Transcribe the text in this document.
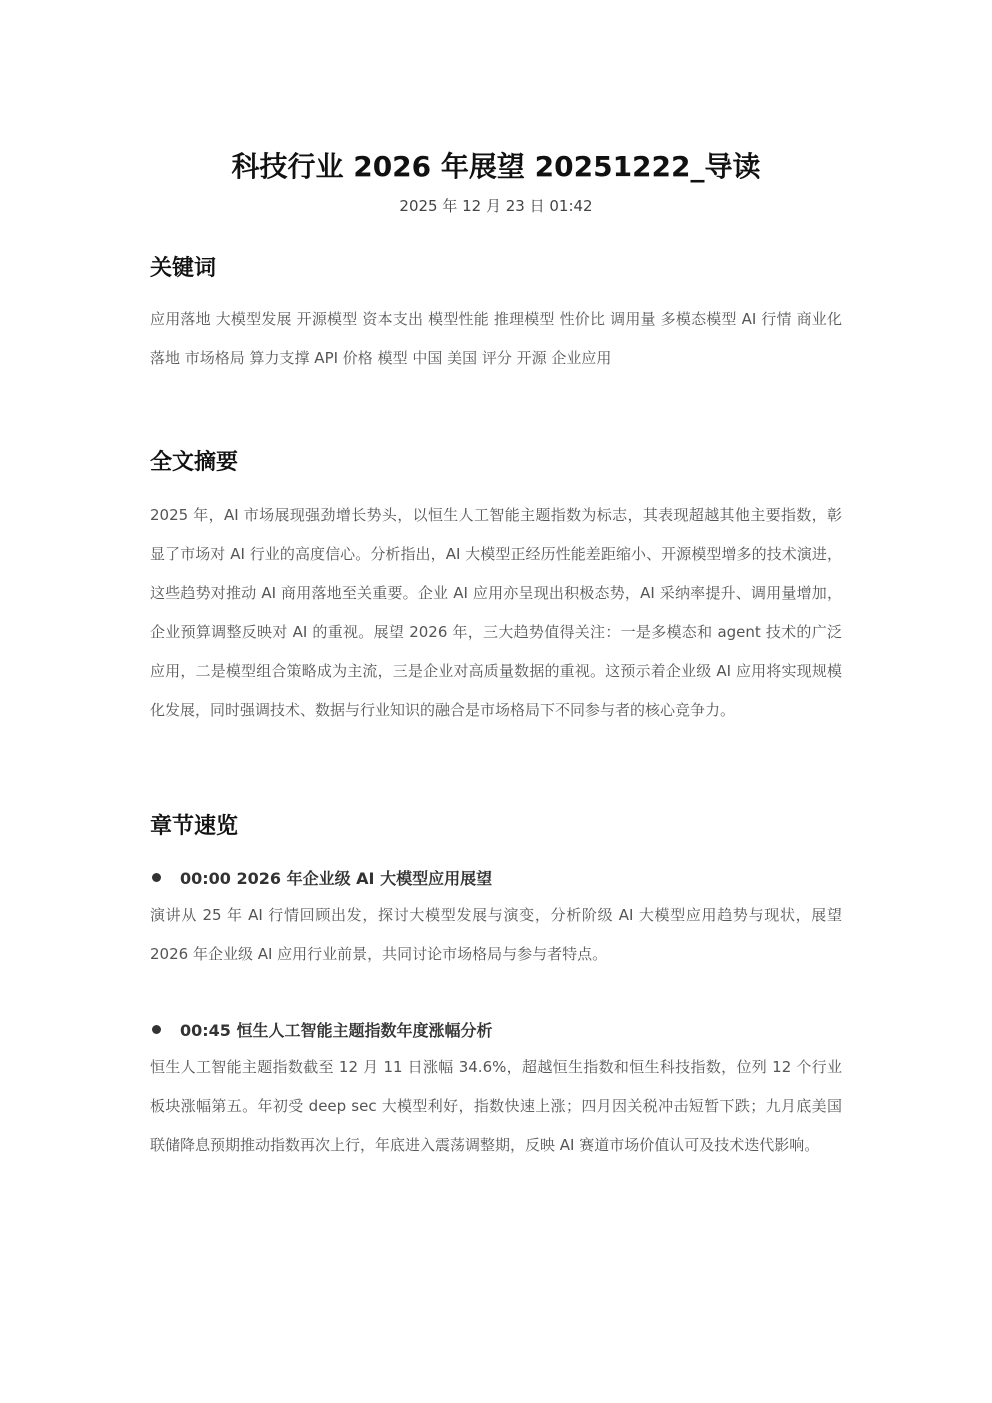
科技行业 2026 年展望 20251222_导读
2025 年 12 月 23 日 01:42
关键词

应用落地 大模型发展 开源模型 资本支出 模型性能 推理模型 性价比 调用量 多模态模型 AI 行情 商业化落地 市场格局 算力支撑 API 价格 模型 中国 美国 评分 开源 企业应用

全文摘要

2025 年，AI 市场展现强劲增长势头，以恒生人工智能主题指数为标志，其表现超越其他主要指数，彰显了市场对 AI 行业的高度信心。分析指出，AI 大模型正经历性能差距缩小、开源模型增多的技术演进，这些趋势对推动 AI 商用落地至关重要。企业 AI 应用亦呈现出积极态势，AI 采纳率提升、调用量增加，企业预算调整反映对 AI 的重视。展望 2026 年，三大趋势值得关注：一是多模态和 agent 技术的广泛应用，二是模型组合策略成为主流，三是企业对高质量数据的重视。这预示着企业级 AI 应用将实现规模化发展，同时强调技术、数据与行业知识的融合是市场格局下不同参与者的核心竞争力。

章节速览
00:00 2026 年企业级 AI 大模型应用展望

演讲从 25 年 AI 行情回顾出发，探讨大模型发展与演变，分析阶级 AI 大模型应用趋势与现状，展望 2026 年企业级 AI 应用行业前景，共同讨论市场格局与参与者特点。

00:45 恒生人工智能主题指数年度涨幅分析

恒生人工智能主题指数截至 12 月 11 日涨幅 34.6%，超越恒生指数和恒生科技指数，位列 12 个行业板块涨幅第五。年初受 deep sec 大模型利好，指数快速上涨；四月因关税冲击短暂下跌；九月底美国联储降息预期推动指数再次上行，年底进入震荡调整期，反映 AI 赛道市场价值认可及技术迭代影响。
